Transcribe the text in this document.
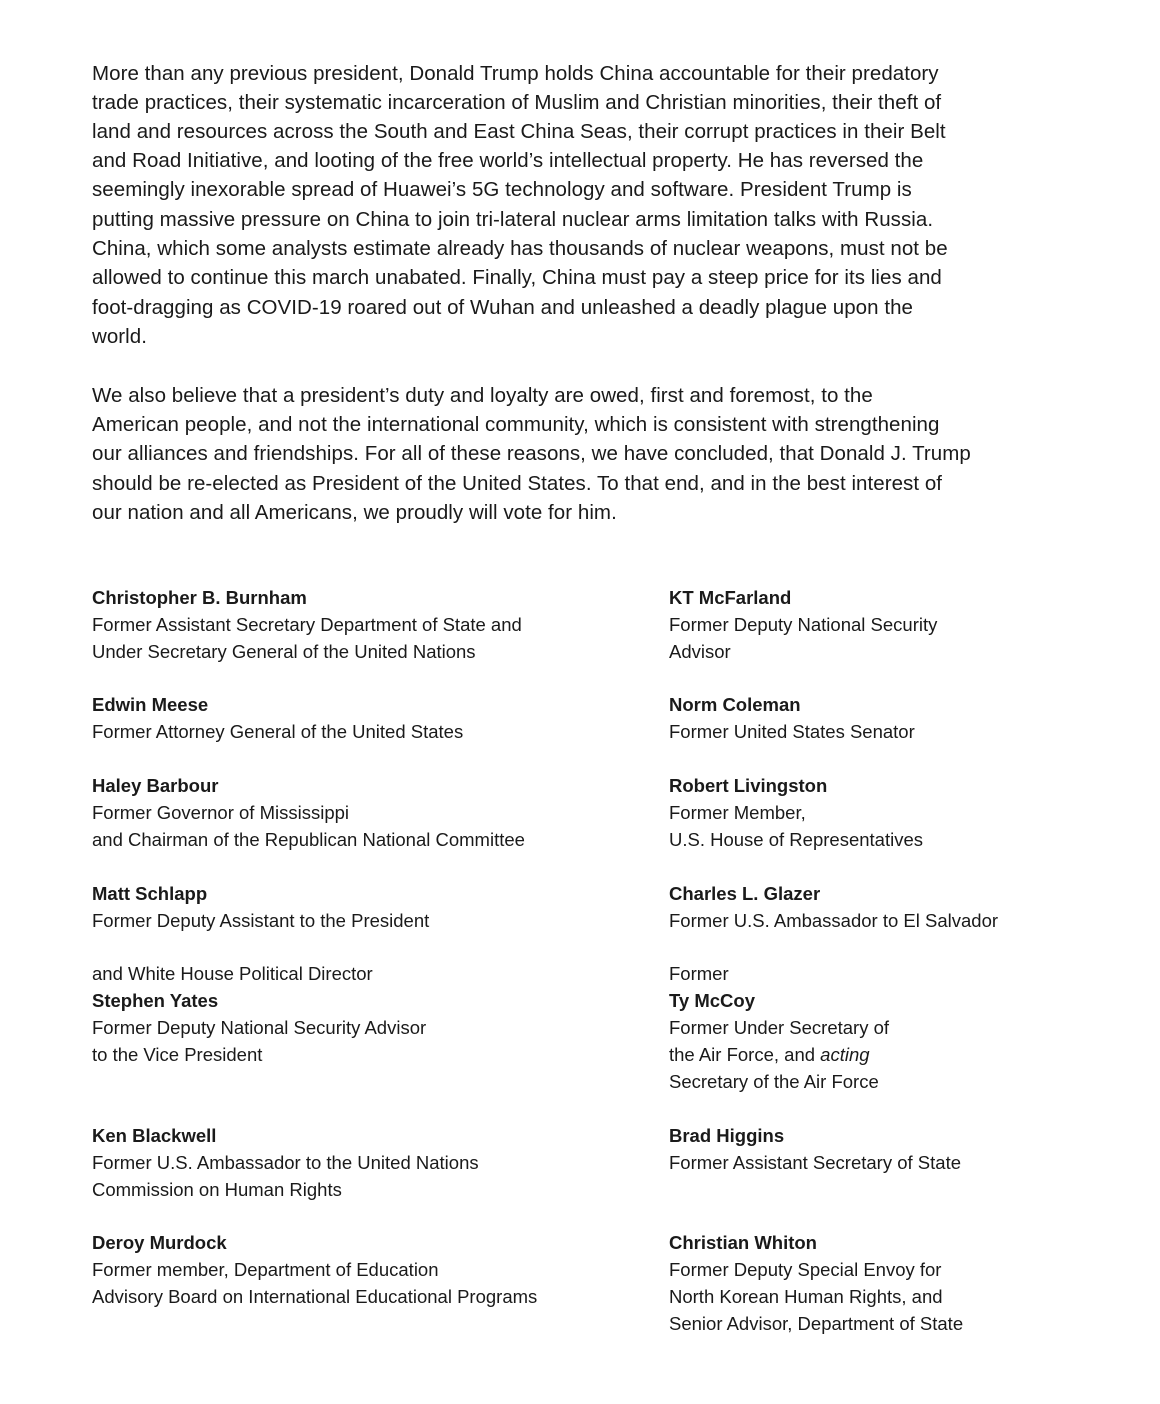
More than any previous president, Donald Trump holds China accountable for their predatory
trade practices, their systematic incarceration of Muslim and Christian minorities, their theft of
land and resources across the South and East China Seas, their corrupt practices in their Belt
and Road Initiative, and looting of the free world’s intellectual property. He has reversed the
seemingly inexorable spread of Huawei’s 5G technology and software. President Trump is
putting massive pressure on China to join tri-lateral nuclear arms limitation talks with Russia.
China, which some analysts estimate already has thousands of nuclear weapons, must not be
allowed to continue this march unabated. Finally, China must pay a steep price for its lies and
foot-dragging as COVID-19 roared out of Wuhan and unleashed a deadly plague upon the
world.
We also believe that a president’s duty and loyalty are owed, first and foremost, to the
American people, and not the international community, which is consistent with strengthening
our alliances and friendships. For all of these reasons, we have concluded, that Donald J. Trump
should be re-elected as President of the United States. To that end, and in the best interest of
our nation and all Americans, we proudly will vote for him.
Christopher B. Burnham
Former Assistant Secretary Department of State and
Under Secretary General of the United Nations
Edwin Meese
Former Attorney General of the United States
Haley Barbour
Former Governor of Mississippi
and Chairman of the Republican National Committee
Matt Schlapp
Former Deputy Assistant to the President
and White House Political Director
Stephen Yates
Former Deputy National Security Advisor
to the Vice President
Ken Blackwell
Former U.S. Ambassador to the United Nations
Commission on Human Rights
Deroy Murdock
Former member, Department of Education
Advisory Board on International Educational Programs
KT McFarland
Former Deputy National Security
Advisor
Norm Coleman
Former United States Senator
Robert Livingston
Former Member,
U.S. House of Representatives
Charles L. Glazer
Former U.S. Ambassador to El Salvador
Former
Ty McCoy
Former Under Secretary of
the Air Force, and acting
Secretary of the Air Force
Brad Higgins
Former Assistant Secretary of State
Christian Whiton
Former Deputy Special Envoy for
North Korean Human Rights, and
Senior Advisor, Department of State
